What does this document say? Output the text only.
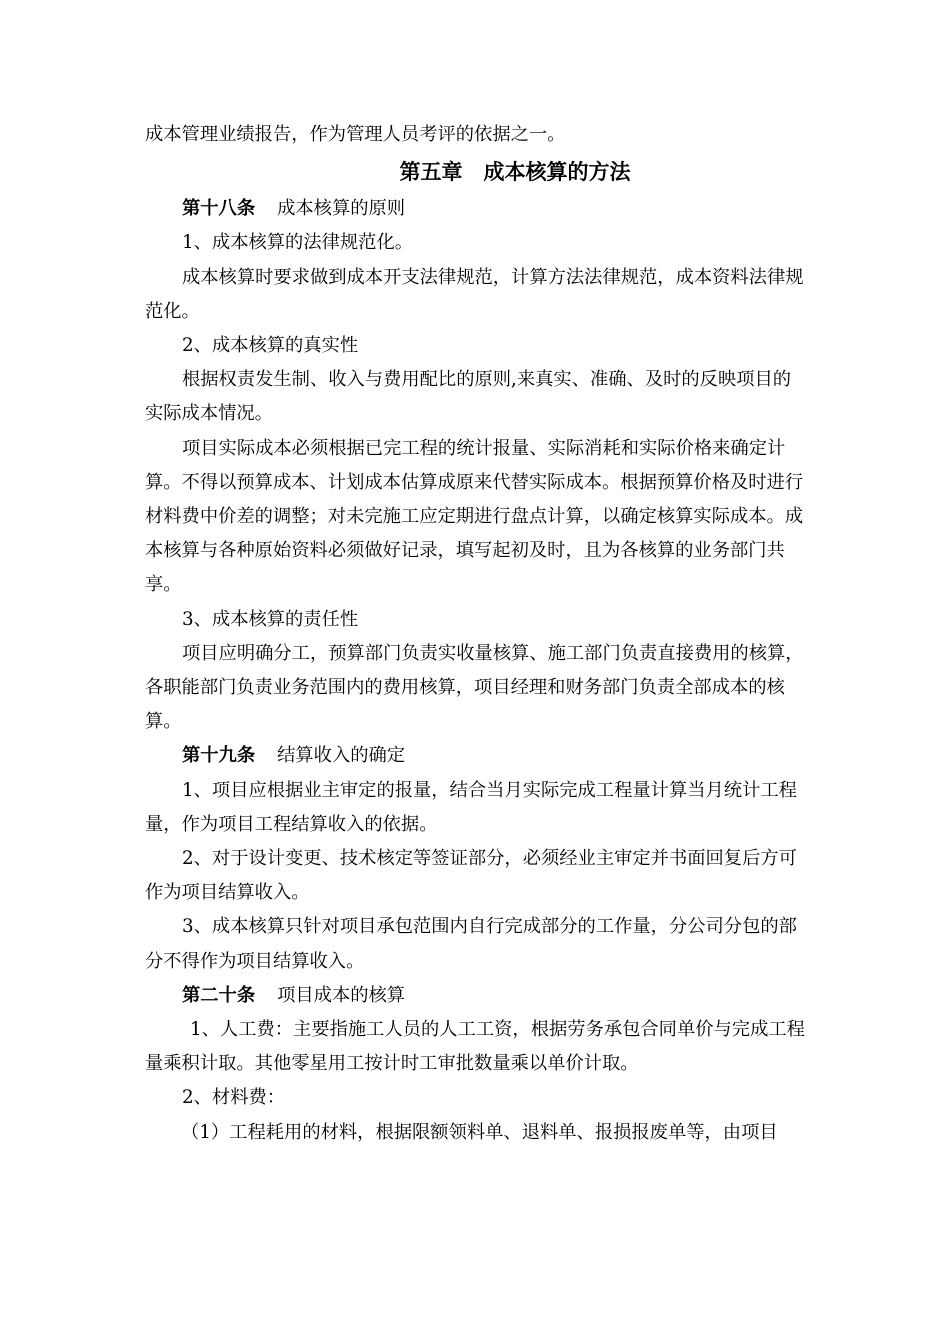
成本管理业绩报告，作为管理人员考评的依据之一。

第五章　成本核算的方法

第十八条 成本核算的原则

1、成本核算的法律规范化。

成本核算时要求做到成本开支法律规范，计算方法法律规范，成本资料法律规范化。

2、成本核算的真实性

根据权责发生制、收入与费用配比的原则,来真实、准确、及时的反映项目的实际成本情况。

项目实际成本必须根据已完工程的统计报量、实际消耗和实际价格来确定计算。不得以预算成本、计划成本估算成原来代替实际成本。根据预算价格及时进行材料费中价差的调整；对未完施工应定期进行盘点计算，以确定核算实际成本。成本核算与各种原始资料必须做好记录，填写起初及时，且为各核算的业务部门共享。

3、成本核算的责任性

项目应明确分工，预算部门负责实收量核算、施工部门负责直接费用的核算，各职能部门负责业务范围内的费用核算，项目经理和财务部门负责全部成本的核算。

第十九条 结算收入的确定

1、项目应根据业主审定的报量，结合当月实际完成工程量计算当月统计工程量，作为项目工程结算收入的依据。

2、对于设计变更、技术核定等签证部分，必须经业主审定并书面回复后方可作为项目结算收入。

3、成本核算只针对项目承包范围内自行完成部分的工作量，分公司分包的部分不得作为项目结算收入。

第二十条 项目成本的核算

1、人工费：主要指施工人员的人工工资，根据劳务承包合同单价与完成工程量乘积计取。其他零星用工按计时工审批数量乘以单价计取。

2、材料费：

（1）工程耗用的材料，根据限额领料单、退料单、报损报废单等，由项目
